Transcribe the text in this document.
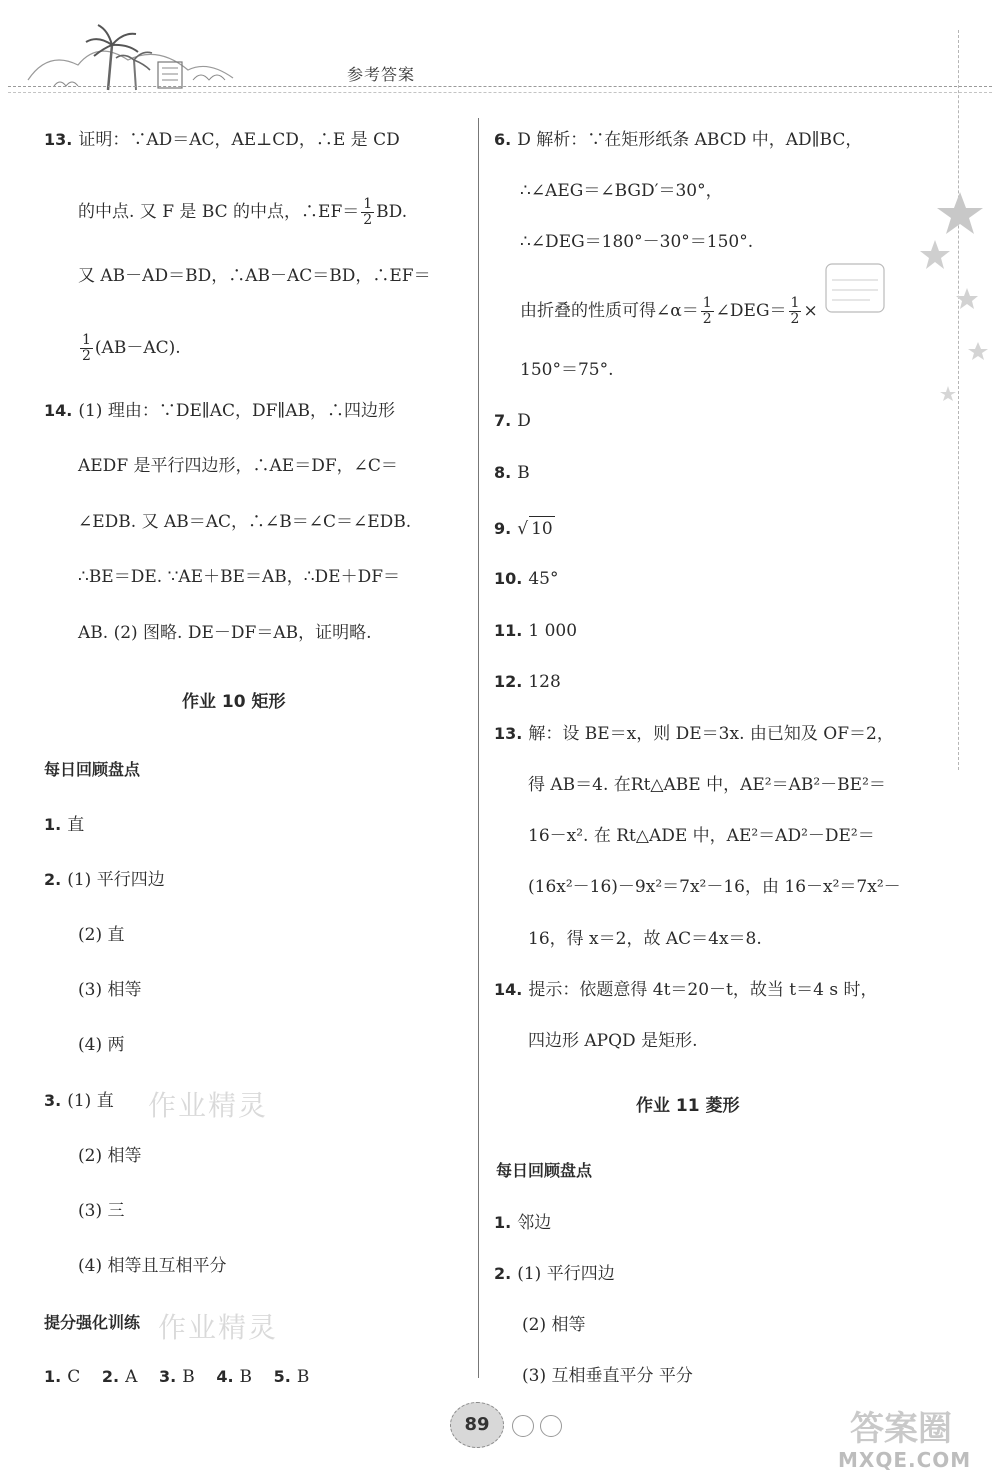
参考答案
13. 证明：∵AD＝AC，AE⊥CD，∴E 是 CD
的中点. 又 F 是 BC 的中点，∴EF＝ $\frac{1}{2}$ BD.
又 AB－AD＝BD，∴AB－AC＝BD，∴EF＝
$\frac{1}{2} (AB-AC)$.
14. (1) 理由：∵DE∥AC，DF∥AB，∴四边形
AEDF 是平行四边形，∴AE＝DF，∠C＝
∠EDB. 又 AB＝AC，∴∠B＝∠C＝∠EDB.
∴BE＝DE. ∵AE＋BE＝AB，∴DE＋DF＝
AB. (2) 图略. DE－DF＝AB，证明略.
作业 10 矩形
每日回顾盘点
1. 直
2. (1) 平行四边
(2) 直
(3) 相等
(4) 两
3. (1) 直
(2) 相等
(3) 三
(4) 相等且互相平分
提分强化训练
1. C 2. A 3. B 4. B 5. B
作业精灵
作业精灵
6. D 解析：∵在矩形纸条 ABCD 中，AD∥BC，
∴∠AEG＝∠BGD′＝30°，
∴∠DEG＝180°－30°＝150°.
由折叠的性质可得∠α＝ $\frac{1}{2}$ ∠DEG＝ $\frac{1}{2}$ ×
150°＝75°.
7. D
8. B
9. √ 10
10. 45°
11. 1 000
12. 128
13. 解：设 BE＝x，则 DE＝3x. 由已知及 OF＝2，
得 AB＝4. 在Rt△ABE 中，AE²＝AB²－BE²＝
16－x². 在 Rt△ADE 中，AE²＝AD²－DE²＝
(16x²－16)－9x²＝7x²－16，由 16－x²＝7x²－
16，得 x＝2，故 AC＝4x＝8.
14. 提示：依题意得 4t＝20－t，故当 t＝4 s 时，
四边形 APQD 是矩形.
作业 11 菱形
每日回顾盘点
1. 邻边
2. (1) 平行四边
(2) 相等
(3) 互相垂直平分 平分
89	答案圈
MXQE.COM
